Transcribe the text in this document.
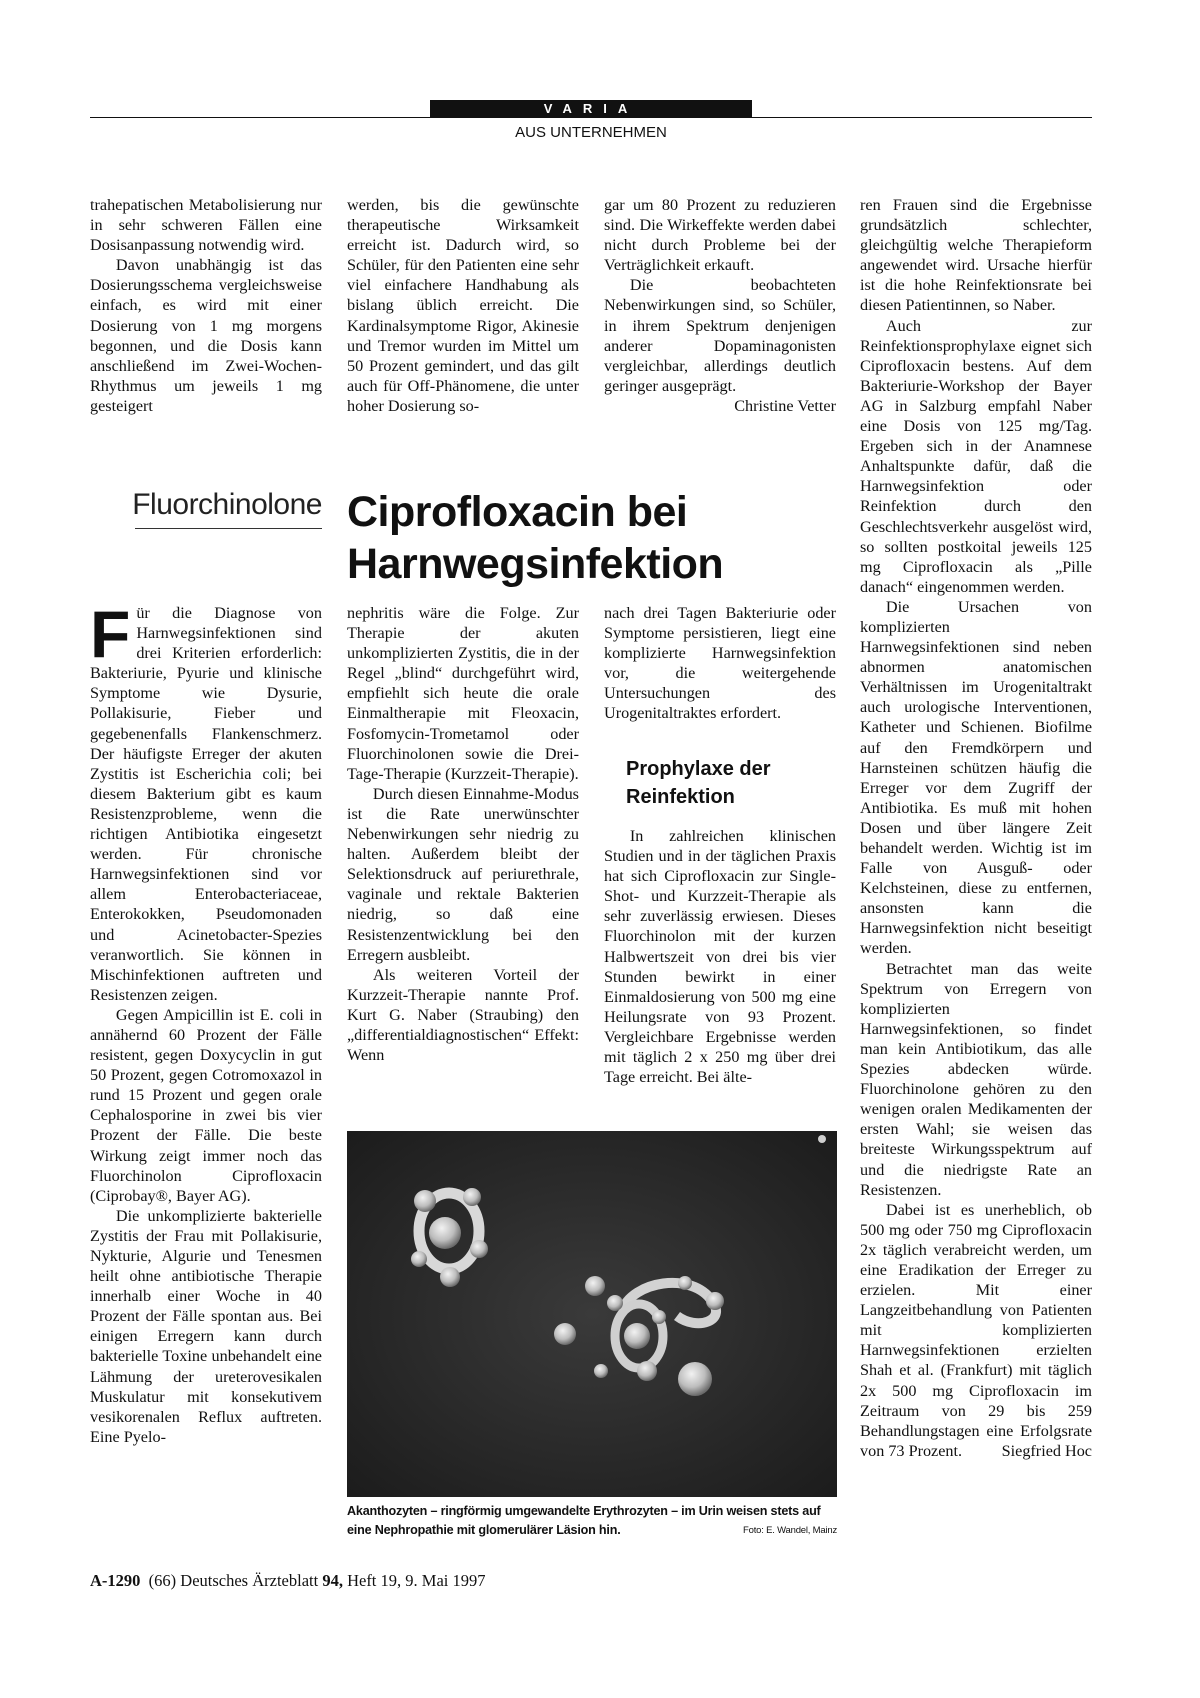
VARIA
AUS UNTERNEHMEN

trahepatischen Metabolisierung nur in sehr schweren Fällen eine Dosisanpassung notwendig wird.

Davon unabhängig ist das Dosierungsschema vergleichsweise einfach, es wird mit einer Dosierung von 1 mg morgens begonnen, und die Dosis kann anschließend im Zwei-Wochen-Rhythmus um jeweils 1 mg gesteigert

werden, bis die gewünschte therapeutische Wirksamkeit erreicht ist. Dadurch wird, so Schüler, für den Patienten eine sehr viel einfachere Handhabung als bislang üblich erreicht. Die Kardinalsymptome Rigor, Akinesie und Tremor wurden im Mittel um 50 Prozent gemindert, und das gilt auch für Off-Phänomene, die unter hoher Dosierung so-

gar um 80 Prozent zu reduzieren sind. Die Wirkeffekte werden dabei nicht durch Probleme bei der Verträglichkeit erkauft.

Die beobachteten Nebenwirkungen sind, so Schüler, in ihrem Spektrum denjenigen anderer Dopaminagonisten vergleichbar, allerdings deutlich geringer ausgeprägt.
Christine Vetter

Fluorchinolone Ciprofloxacin bei
Harnwegsinfektion

Für die Diagnose von Harnwegsinfektionen sind drei Kriterien erforderlich: Bakteriurie, Pyurie und klinische Symptome wie Dysurie, Pollakisurie, Fieber und gegebenenfalls Flankenschmerz. Der häufigste Erreger der akuten Zystitis ist Escherichia coli; bei diesem Bakterium gibt es kaum Resistenzprobleme, wenn die richtigen Antibiotika eingesetzt werden. Für chronische Harnwegsinfektionen sind vor allem Enterobacteriaceae, Enterokokken, Pseudomonaden und Acinetobacter-Spezies veranwortlich. Sie können in Mischinfektionen auftreten und Resistenzen zeigen.

Gegen Ampicillin ist E. coli in annähernd 60 Prozent der Fälle resistent, gegen Doxycyclin in gut 50 Prozent, gegen Cotromoxazol in rund 15 Prozent und gegen orale Cephalosporine in zwei bis vier Prozent der Fälle. Die beste Wirkung zeigt immer noch das Fluorchinolon Ciprofloxacin (Ciprobay®, Bayer AG).

Die unkomplizierte bakterielle Zystitis der Frau mit Pollakisurie, Nykturie, Algurie und Tenesmen heilt ohne antibiotische Therapie innerhalb einer Woche in 40 Prozent der Fälle spontan aus. Bei einigen Erregern kann durch bakterielle Toxine unbehandelt eine Lähmung der ureterovesikalen Muskulatur mit konsekutivem vesikorenalen Reflux auftreten. Eine Pyelo-

nephritis wäre die Folge. Zur Therapie der akuten unkomplizierten Zystitis, die in der Regel „blind“ durchgeführt wird, empfiehlt sich heute die orale Einmaltherapie mit Fleoxacin, Fosfomycin-Trometamol oder Fluorchinolonen sowie die Drei-Tage-Therapie (Kurzzeit-Therapie).

Durch diesen Einnahme-Modus ist die Rate unerwünschter Nebenwirkungen sehr niedrig zu halten. Außerdem bleibt der Selektionsdruck auf periurethrale, vaginale und rektale Bakterien niedrig, so daß eine Resistenzentwicklung bei den Erregern ausbleibt.

Als weiteren Vorteil der Kurzzeit-Therapie nannte Prof. Kurt G. Naber (Straubing) den „differentialdiagnostischen“ Effekt: Wenn

nach drei Tagen Bakteriurie oder Symptome persistieren, liegt eine komplizierte Harnwegsinfektion vor, die weitergehende Untersuchungen des Urogenitaltraktes erfordert.

Prophylaxe der Reinfektion

In zahlreichen klinischen Studien und in der täglichen Praxis hat sich Ciprofloxacin zur Single-Shot- und Kurzzeit-Therapie als sehr zuverlässig erwiesen. Dieses Fluorchinolon mit der kurzen Halbwertszeit von drei bis vier Stunden bewirkt in einer Einmaldosierung von 500 mg eine Heilungsrate von 93 Prozent. Vergleichbare Ergebnisse werden mit täglich 2 x 250 mg über drei Tage erreicht. Bei älte-

ren Frauen sind die Ergebnisse grundsätzlich schlechter, gleichgültig welche Therapieform angewendet wird. Ursache hierfür ist die hohe Reinfektionsrate bei diesen Patientinnen, so Naber.

Auch zur Reinfektionsprophylaxe eignet sich Ciprofloxacin bestens. Auf dem Bakteriurie-Workshop der Bayer AG in Salzburg empfahl Naber eine Dosis von 125 mg/Tag. Ergeben sich in der Anamnese Anhaltspunkte dafür, daß die Harnwegsinfektion oder Reinfektion durch den Geschlechtsverkehr ausgelöst wird, so sollten postkoital jeweils 125 mg Ciprofloxacin als „Pille danach“ eingenommen werden.

Die Ursachen von komplizierten Harnwegsinfektionen sind neben abnormen anatomischen Verhältnissen im Urogenitaltrakt auch urologische Interventionen, Katheter und Schienen. Biofilme auf den Fremdkörpern und Harnsteinen schützen häufig die Erreger vor dem Zugriff der Antibiotika. Es muß mit hohen Dosen und über längere Zeit behandelt werden. Wichtig ist im Falle von Ausguß- oder Kelchsteinen, diese zu entfernen, ansonsten kann die Harnwegsinfektion nicht beseitigt werden.

Betrachtet man das weite Spektrum von Erregern von komplizierten Harnwegsinfektionen, so findet man kein Antibiotikum, das alle Spezies abdecken würde. Fluorchinolone gehören zu den wenigen oralen Medikamenten der ersten Wahl; sie weisen das breiteste Wirkungsspektrum auf und die niedrigste Rate an Resistenzen.

Dabei ist es unerheblich, ob 500 mg oder 750 mg Ciprofloxacin 2x täglich verabreicht werden, um eine Eradikation der Erreger zu erzielen. Mit einer Langzeitbehandlung von Patienten mit komplizierten Harnwegsinfektionen erzielten Shah et al. (Frankfurt) mit täglich 2x 500 mg Ciprofloxacin im Zeitraum von 29 bis 259 Behandlungstagen eine Erfolgsrate von 73 Prozent.	Siegfried Hoc

Akanthozyten – ringförmig umgewandelte Erythrozyten – im Urin weisen stets auf eine Nephropathie mit glomerulärer Läsion hin.	Foto: E. Wandel, Mainz
A-1290 (66) Deutsches Ärzteblatt 94, Heft 19, 9. Mai 1997
